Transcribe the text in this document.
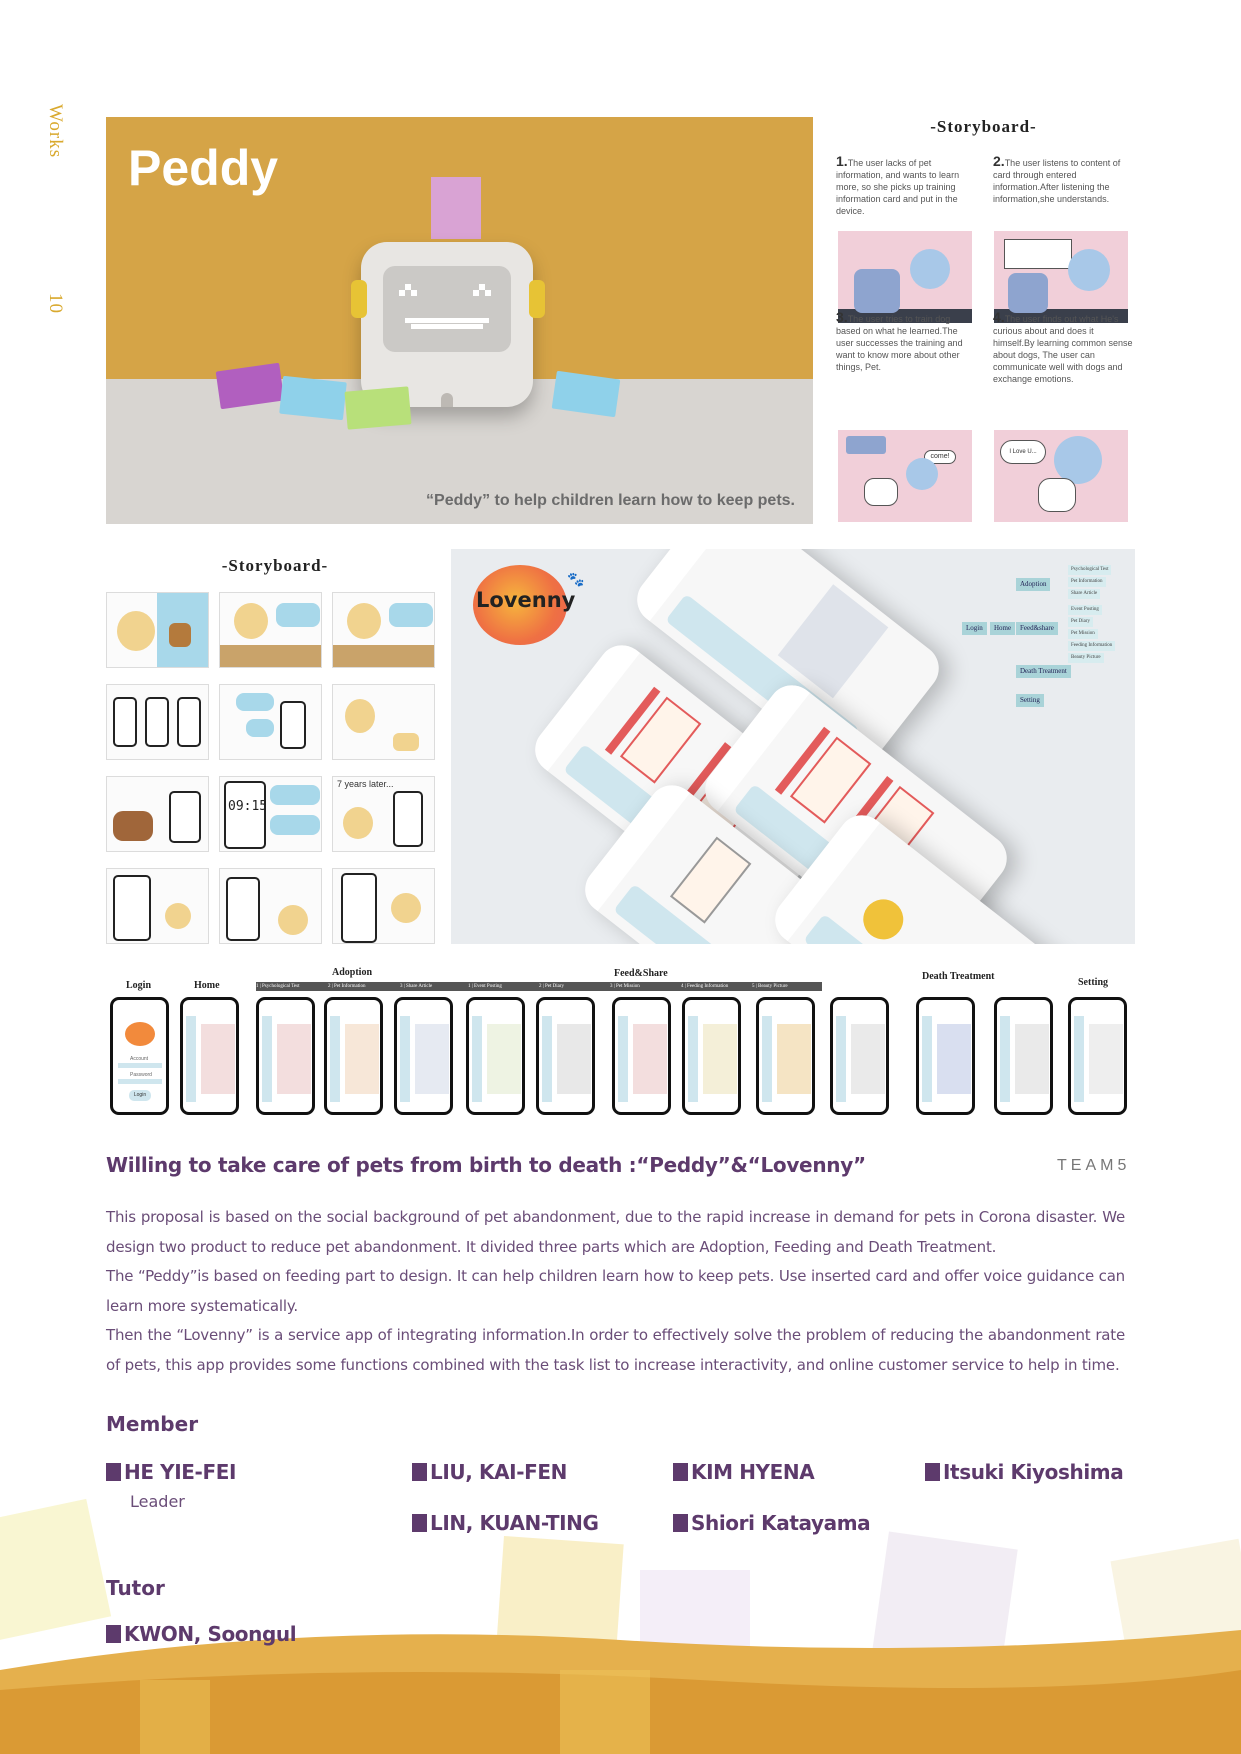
Works
10
Peddy
“Peddy” to help children learn how to keep pets.
-Storyboard-
1.The user lacks of pet information, and wants to learn more, so she picks up training information card and put in the device.
2.The user listens to content of card through entered information.After listening the information,she understands.
3.The user tries to train dog based on what he learned.The user successes the training and want to know more about other things, Pet.
4.The user finds out what He's curious about and does it himself.By learning common sense about dogs, The user can communicate well with dogs and exchange emotions.
come!
I Love U...
-Storyboard-
09:15
7 years later...
Lovenny
🐾
Login	Home
Adoption
Feed&share
Death Treatment
Setting
Psychological Test
Pet Information
Share Article
Event Posting
Pet Diary
Pet Mission
Feeding Information
Beauty Picture
Login	Home
Adoption	Feed&Share	Death Treatment
Setting
1 | Psychological Test	2 | Pet Information	3 | Share Article	1 | Event Posting	2 | Pet Diary	3 | Pet Mission	4 | Feeding Information	5 | Beauty Picture
Account
Password
Login
Willing to take care of pets from birth to death :“Peddy”&“Lovenny”	TEAM5

This proposal is based on the social background of pet abandonment, due to the rapid increase in demand for pets in Corona disaster. We design two product to reduce pet abandonment. It divided three parts which are Adoption, Feeding and Death Treatment.

The “Peddy”is based on feeding part to design. It can help children learn how to keep pets. Use inserted card and offer voice guidance can learn more systematically.

Then the “Lovenny” is a service app of integrating information.In order to effectively solve the problem of reducing the abandonment rate of pets, this app provides some functions combined with the task list to increase interactivity, and online customer service to help in time.

Member
HE YIE-FEI
Leader
LIU, KAI-FEN	KIM HYENA	Itsuki Kiyoshima
LIN, KUAN-TING	Shiori Katayama
Tutor
KWON, Soongul
